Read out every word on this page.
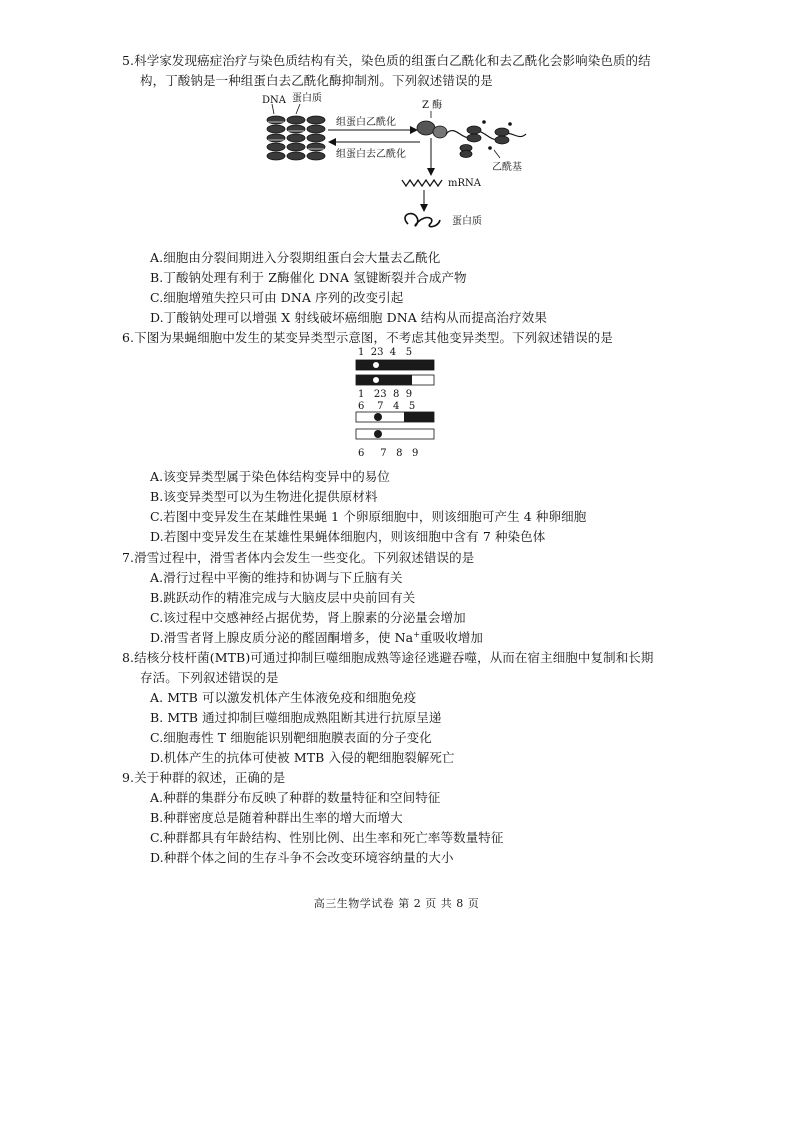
5.科学家发现癌症治疗与染色质结构有关，染色质的组蛋白乙酰化和去乙酰化会影响染色质的结
构，丁酸钠是一种组蛋白去乙酰化酶抑制剂。下列叙述错误的是
DNA 蛋白质
组蛋白乙酰化
组蛋白去乙酰化
Z 酶
乙酰基
mRNA
蛋白质
A.细胞由分裂间期进入分裂期组蛋白会大量去乙酰化
B.丁酸钠处理有利于 Z酶催化 DNA 氢键断裂并合成产物
C.细胞增殖失控只可由 DNA 序列的改变引起
D.丁酸钠处理可以增强 X 射线破坏癌细胞 DNA 结构从而提高治疗效果
6.下图为果蝇细胞中发生的某变异类型示意图，不考虑其他变异类型。下列叙述错误的是
1  23  4   5
1   23  8  9
6    7   4   5
6     7   8   9
A.该变异类型属于染色体结构变异中的易位
B.该变异类型可以为生物进化提供原材料
C.若图中变异发生在某雌性果蝇 1 个卵原细胞中，则该细胞可产生 4 种卵细胞
D.若图中变异发生在某雄性果蝇体细胞内，则该细胞中含有 7 种染色体
7.滑雪过程中，滑雪者体内会发生一些变化。下列叙述错误的是
A.滑行过程中平衡的维持和协调与下丘脑有关
B.跳跃动作的精准完成与大脑皮层中央前回有关
C.该过程中交感神经占据优势，肾上腺素的分泌量会增加
D.滑雪者肾上腺皮质分泌的醛固酮增多，使 Na+重吸收增加
8.结核分枝杆菌(MTB)可通过抑制巨噬细胞成熟等途径逃避吞噬，从而在宿主细胞中复制和长期
存活。下列叙述错误的是
A. MTB 可以激发机体产生体液免疫和细胞免疫
B. MTB 通过抑制巨噬细胞成熟阻断其进行抗原呈递
C.细胞毒性 T 细胞能识别靶细胞膜表面的分子变化
D.机体产生的抗体可使被 MTB 入侵的靶细胞裂解死亡
9.关于种群的叙述，正确的是
A.种群的集群分布反映了种群的数量特征和空间特征
B.种群密度总是随着种群出生率的增大而增大
C.种群都具有年龄结构、性别比例、出生率和死亡率等数量特征
D.种群个体之间的生存斗争不会改变环境容纳量的大小
高三生物学试卷 第 2 页 共 8 页
